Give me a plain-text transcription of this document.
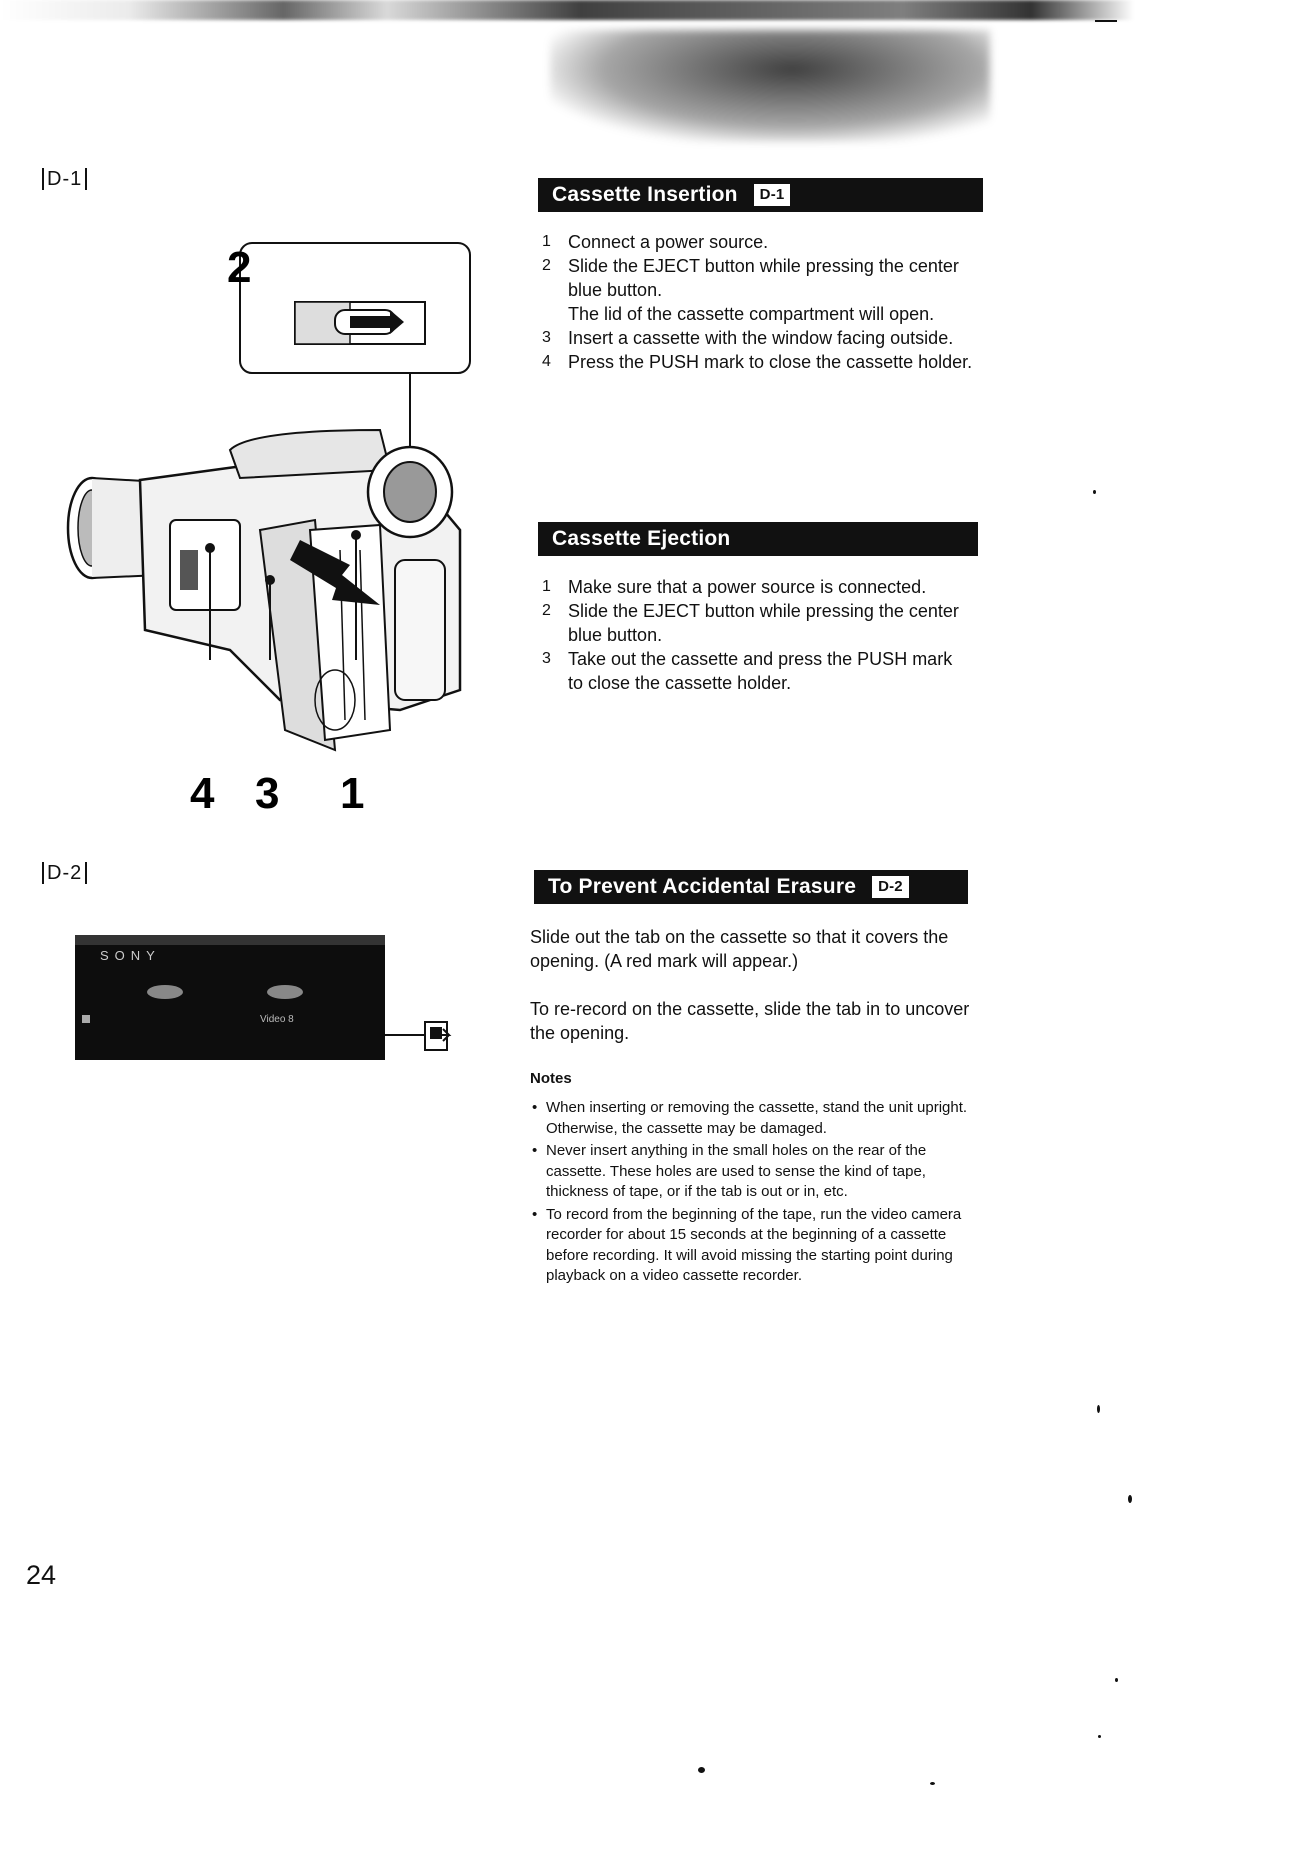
D-1
2
4 3 1
D-2
SONY
Video 8
Cassette Insertion D-1
1 Connect a power source.
2 Slide the EJECT button while pressing the center blue button.
The lid of the cassette compartment will open.
3 Insert a cassette with the window facing outside.
4 Press the PUSH mark to close the cassette holder.
Cassette Ejection
1 Make sure that a power source is connected.
2 Slide the EJECT button while pressing the center blue button.
3 Take out the cassette and press the PUSH mark to close the cassette holder.
To Prevent Accidental Erasure D-2
Slide out the tab on the cassette so that it covers the opening. (A red mark will appear.)
To re-record on the cassette, slide the tab in to uncover the opening.
Notes
• When inserting or removing the cassette, stand the unit upright. Otherwise, the cassette may be damaged.
• Never insert anything in the small holes on the rear of the cassette. These holes are used to sense the kind of tape, thickness of tape, or if the tab is out or in, etc.
• To record from the beginning of the tape, run the video camera recorder for about 15 seconds at the beginning of a cassette before recording. It will avoid missing the starting point during playback on a video cassette recorder.
24
